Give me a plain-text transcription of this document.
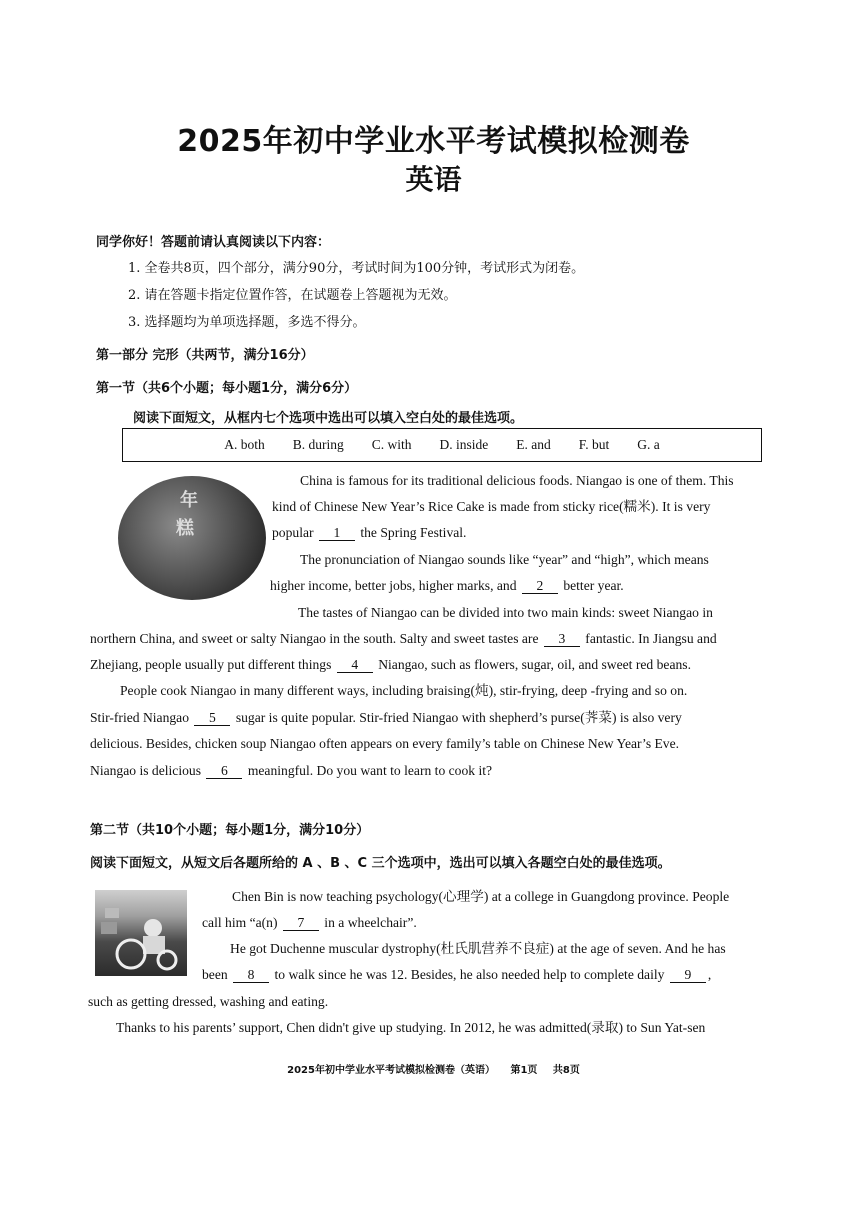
2025年初中学业水平考试模拟检测卷
英语
同学你好！答题前请认真阅读以下内容：
1. 全卷共8页，四个部分，满分90分，考试时间为100分钟，考试形式为闭卷。
2. 请在答题卡指定位置作答，在试题卷上答题视为无效。
3. 选择题均为单项选择题，多选不得分。
第一部分 完形（共两节，满分16分）
第一节（共6个小题；每小题1分，满分6分）
阅读下面短文，从框内七个选项中选出可以填入空白处的最佳选项。
A. both B. during C. with D. inside E. and F. but G. a
年
糕
China is famous for its traditional delicious foods. Niangao is one of them. This
kind of Chinese New Year’s Rice Cake is made from sticky rice(糯米). It is very
popular 1 the Spring Festival.
The pronunciation of Niangao sounds like “year” and “high”, which means
higher income, better jobs, higher marks, and 2 better year.
The tastes of Niangao can be divided into two main kinds: sweet Niangao in
northern China, and sweet or salty Niangao in the south. Salty and sweet tastes are 3 fantastic. In Jiangsu and
Zhejiang, people usually put different things 4 Niangao, such as flowers, sugar, oil, and sweet red beans.
People cook Niangao in many different ways, including braising(炖), stir-frying, deep -frying and so on.
Stir-fried Niangao 5 sugar is quite popular. Stir-fried Niangao with shepherd’s purse(荠菜) is also very
delicious. Besides, chicken soup Niangao often appears on every family’s table on Chinese New Year’s Eve.
Niangao is delicious 6 meaningful. Do you want to learn to cook it?
第二节（共10个小题；每小题1分，满分10分）
阅读下面短文，从短文后各题所给的 A 、B 、C 三个选项中，选出可以填入各题空白处的最佳选项。
Chen Bin is now teaching psychology(心理学) at a college in Guangdong province. People
call him “a(n) 7 in a wheelchair”.
He got Duchenne muscular dystrophy(杜氏肌营养不良症) at the age of seven. And he has
been 8 to walk since he was 12. Besides, he also needed help to complete daily 9 ,
such as getting dressed, washing and eating.
Thanks to his parents’ support, Chen didn't give up studying. In 2012, he was admitted(录取) to Sun Yat-sen
2025年初中学业水平考试模拟检测卷（英语） 第1页 共8页
